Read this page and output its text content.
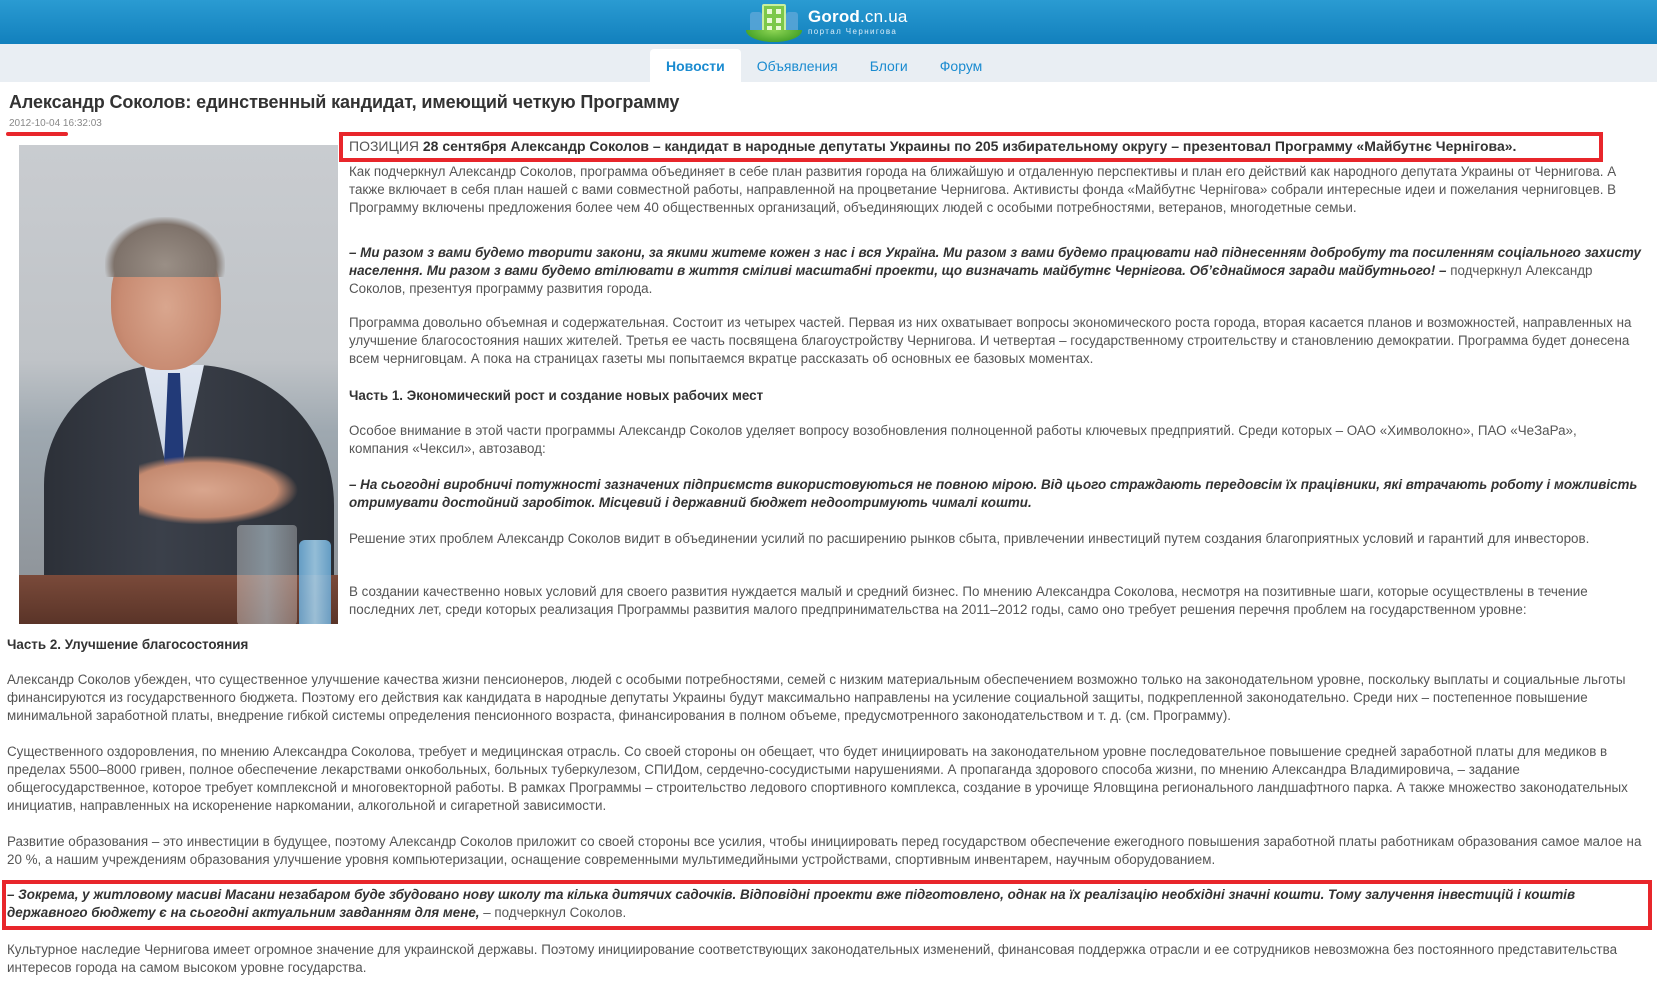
Gorod.cn.ua
портал Чернигова
Новости	Объявления	Блоги	Форум
Александр Соколов: единственный кандидат, имеющий четкую Программу
2012-10-04 16:32:03
ПОЗИЦИЯ 28 сентября Александр Соколов – кандидат в народные депутаты Украины по 205 избирательному округу – презентовал Программу «Майбутнє Чернігова».

Как подчеркнул Александр Соколов, программа объединяет в себе план развития города на ближайшую и отдаленную перспективы и план его действий как народного депутата Украины от Чернигова. А также включает в себя план нашей с вами совместной работы, направленной на процветание Чернигова. Активисты фонда «Майбутнє Чернігова» собрали интересные идеи и пожелания черниговцев. В Программу включены предложения более чем 40 общественных организаций, объединяющих людей с особыми потребностями, ветеранов, многодетные семьи.

– Ми разом з вами будемо творити закони, за якими житеме кожен з нас і вся Україна. Ми разом з вами будемо працювати над піднесенням добробуту та посиленням соціального захисту населення. Ми разом з вами будемо втілювати в життя сміливі масштабні проекти, що визначать майбутнє Чернігова. Об’єднаймося заради майбутнього! – подчеркнул Александр Соколов, презентуя программу развития города.

Программа довольно объемная и содержательная. Состоит из четырех частей. Первая из них охватывает вопросы экономического роста города, вторая касается планов и возможностей, направленных на улучшение благосостояния наших жителей. Третья ее часть посвящена благоустройству Чернигова. И четвертая – государственному строительству и становлению демократии. Программа будет донесена всем черниговцам. А пока на страницах газеты мы попытаемся вкратце рассказать об основных ее базовых моментах.

Часть 1. Экономический рост и создание новых рабочих мест

Особое внимание в этой части программы Александр Соколов уделяет вопросу возобновления полноценной работы ключевых предприятий. Среди которых – ОАО «Химволокно», ПАО «ЧеЗаРа», компания «Чексил», автозавод:

– На сьогодні виробничі потужності зазначених підприємств використовуються не повною мірою. Від цього страждають передовсім їх працівники, які втрачають роботу і можливість отримувати достойний заробіток. Місцевий і державний бюджет недоотримують чималі кошти.

Решение этих проблем Александр Соколов видит в объединении усилий по расширению рынков сбыта, привлечении инвестиций путем создания благоприятных условий и гарантий для инвесторов.

В создании качественно новых условий для своего развития нуждается малый и средний бизнес. По мнению Александра Соколова, несмотря на позитивные шаги, которые осуществлены в течение последних лет, среди которых реализация Программы развития малого предпринимательства на 2011–2012 годы, само оно требует решения перечня проблем на государственном уровне:

Часть 2. Улучшение благосостояния

Александр Соколов убежден, что существенное улучшение качества жизни пенсионеров, людей с особыми потребностями, семей с низким материальным обеспечением возможно только на законодательном уровне, поскольку выплаты и социальные льготы финансируются из государственного бюджета. Поэтому его действия как кандидата в народные депутаты Украины будут максимально направлены на усиление социальной защиты, подкрепленной законодательно. Среди них – постепенное повышение минимальной заработной платы, внедрение гибкой системы определения пенсионного возраста, финансирования в полном объеме, предусмотренного законодательством и т. д. (см. Программу).

Существенного оздоровления, по мнению Александра Соколова, требует и медицинская отрасль. Со своей стороны он обещает, что будет инициировать на законодательном уровне последовательное повышение средней заработной платы для медиков в пределах 5500–8000 гривен, полное обеспечение лекарствами онкобольных, больных туберкулезом, СПИДом, сердечно-сосудистыми нарушениями. А пропаганда здорового способа жизни, по мнению Александра Владимировича, – задание общегосударственное, которое требует комплексной и многовекторной работы. В рамках Программы – строительство ледового спортивного комплекса, создание в урочище Яловщина регионального ландшафтного парка. А также множество законодательных инициатив, направленных на искоренение наркомании, алкогольной и сигаретной зависимости.

Развитие образования – это инвестиции в будущее, поэтому Александр Соколов приложит со своей стороны все усилия, чтобы инициировать перед государством обеспечение ежегодного повышения заработной платы работникам образования самое малое на 20 %, а нашим учреждениям образования улучшение уровня компьютеризации, оснащение современными мультимедийными устройствами, спортивным инвентарем, научным оборудованием.

– Зокрема, у житловому масиві Масани незабаром буде збудовано нову школу та кілька дитячих садочків. Відповідні проекти вже підготовлено, однак на їх реалізацію необхідні значні кошти. Тому залучення інвестицій і коштів державного бюджету є на сьогодні актуальним завданням для мене, – подчеркнул Соколов.

Культурное наследие Чернигова имеет огромное значение для украинской державы. Поэтому инициирование соответствующих законодательных изменений, финансовая поддержка отрасли и ее сотрудников невозможна без постоянного представительства интересов города на самом высоком уровне государства.
